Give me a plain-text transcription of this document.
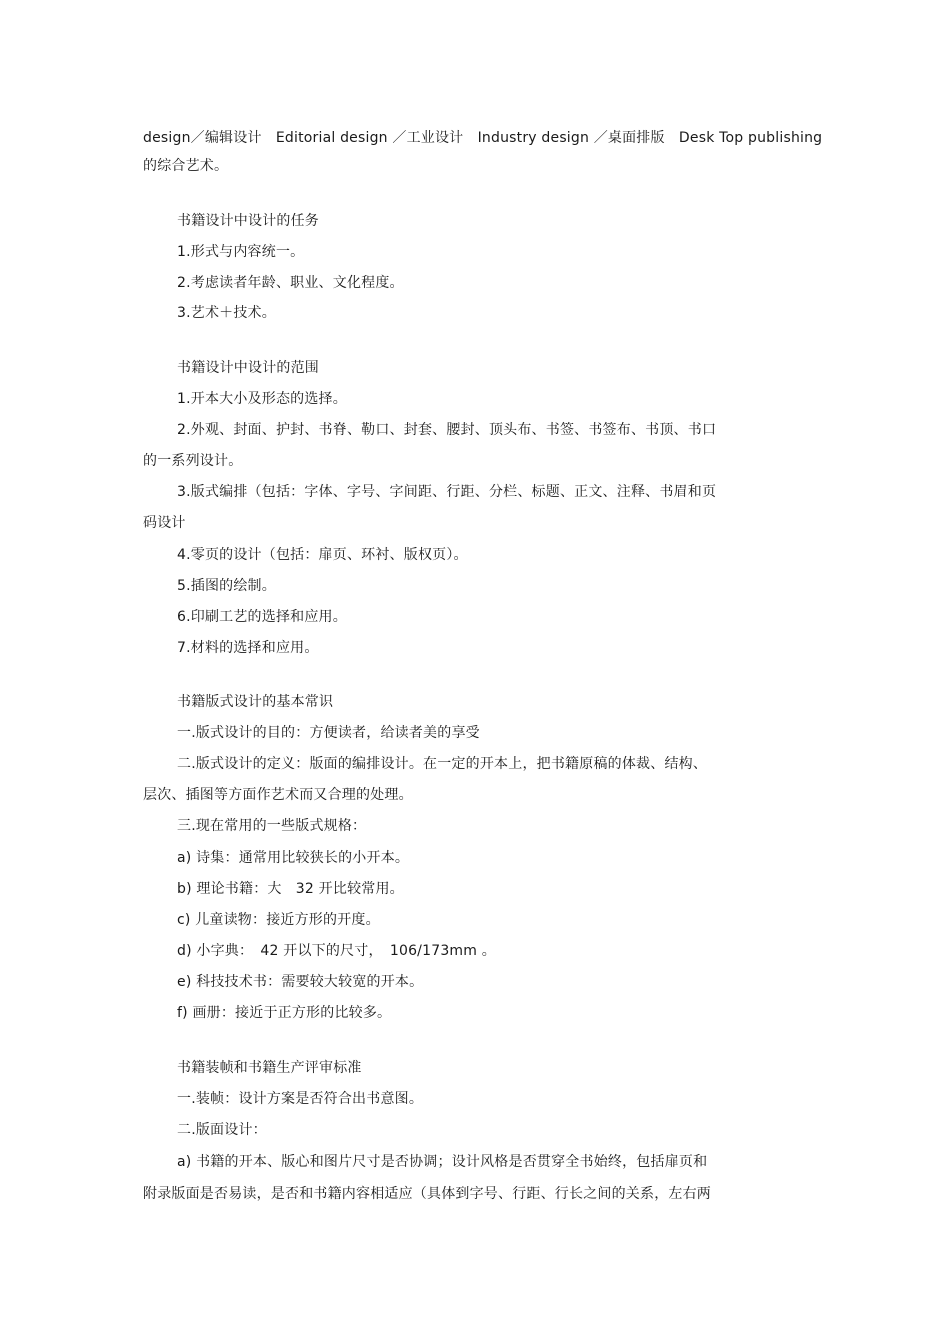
design／编辑设计　Editorial design ／工业设计　Industry design ／桌面排版　Desk Top publishing
的综合艺术。
书籍设计中设计的任务
1.形式与内容统一。
2.考虑读者年龄、职业、文化程度。
3.艺术＋技术。
书籍设计中设计的范围
1.开本大小及形态的选择。
2.外观、封面、护封、书脊、勒口、封套、腰封、顶头布、书签、书签布、书顶、书口
的一系列设计。
3.版式编排（包括：字体、字号、字间距、行距、分栏、标题、正文、注释、书眉和页
码设计
4.零页的设计（包括：扉页、环衬、版权页）。
5.插图的绘制。
6.印刷工艺的选择和应用。
7.材料的选择和应用。
书籍版式设计的基本常识
一.版式设计的目的：方便读者，给读者美的享受
二.版式设计的定义：版面的编排设计。在一定的开本上，把书籍原稿的体裁、结构、
层次、插图等方面作艺术而又合理的处理。
三.现在常用的一些版式规格：
a) 诗集：通常用比较狭长的小开本。
b) 理论书籍：大　32 开比较常用。
c) 儿童读物：接近方形的开度。
d) 小字典：　42 开以下的尺寸，　106/173mm 。
e) 科技技术书：需要较大较宽的开本。
f) 画册：接近于正方形的比较多。
书籍装帧和书籍生产评审标准
一.装帧：设计方案是否符合出书意图。
二.版面设计：
a) 书籍的开本、版心和图片尺寸是否协调；设计风格是否贯穿全书始终，包括扉页和
附录版面是否易读，是否和书籍内容相适应（具体到字号、行距、行长之间的关系，左右两
